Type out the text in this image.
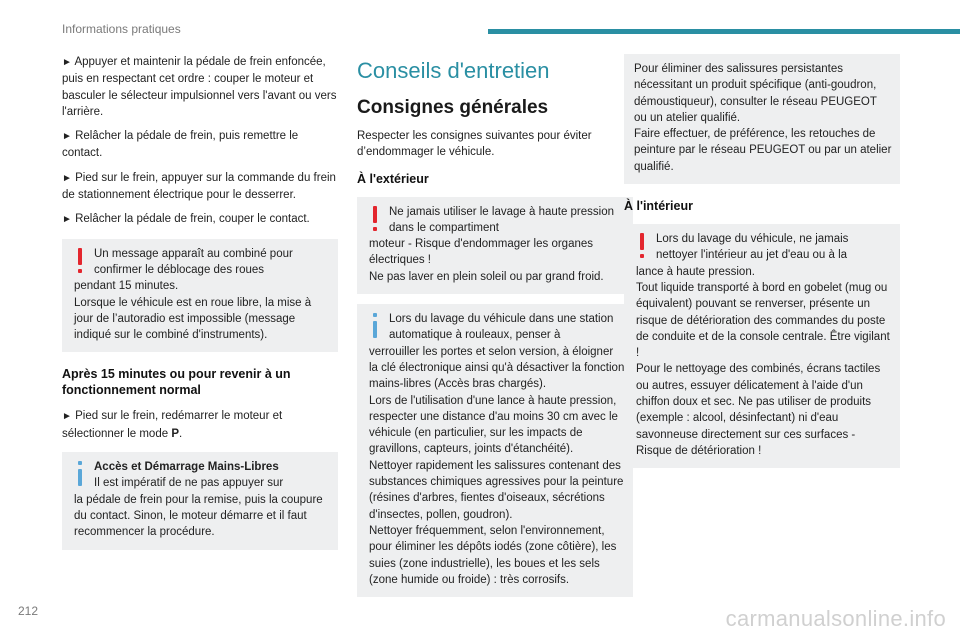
Informations pratiques

► Appuyer et maintenir la pédale de frein enfoncée, puis en respectant cet ordre : couper le moteur et basculer le sélecteur impulsionnel vers l'avant ou vers l'arrière.

► Relâcher la pédale de frein, puis remettre le contact.

► Pied sur le frein, appuyer sur la commande du frein de stationnement électrique pour le desserrer.

► Relâcher la pédale de frein, couper le contact.

Un message apparaît au combiné pour confirmer le déblocage des roues

pendant 15 minutes.
Lorsque le véhicule est en roue libre, la mise à jour de l’autoradio est impossible (message indiqué sur le combiné d'instruments).

Après 15 minutes ou pour revenir à un fonctionnement normal

► Pied sur le frein, redémarrer le moteur et sélectionner le mode P.

Accès et Démarrage Mains-Libres

Il est impératif de ne pas appuyer sur

la pédale de frein pour la remise, puis la coupure du contact. Sinon, le moteur démarre et il faut recommencer la procédure.

Conseils d'entretien
Consignes générales

Respecter les consignes suivantes pour éviter d’endommager le véhicule.

À l'extérieur

Ne jamais utiliser le lavage à haute pression dans le compartiment

moteur - Risque d'endommager les organes électriques !
Ne pas laver en plein soleil ou par grand froid.

Lors du lavage du véhicule dans une station automatique à rouleaux, penser à

verrouiller les portes et selon version, à éloigner la clé électronique ainsi qu'à désactiver la fonction mains-libres (Accès bras chargés).
Lors de l'utilisation d'une lance à haute pression, respecter une distance d'au moins 30 cm avec le véhicule (en particulier, sur les impacts de gravillons, capteurs, joints d'étanchéité).
Nettoyer rapidement les salissures contenant des substances chimiques agressives pour la peinture (résines d'arbres, fientes d'oiseaux, sécrétions d'insectes, pollen, goudron).
Nettoyer fréquemment, selon l'environnement, pour éliminer les dépôts iodés (zone côtière), les suies (zone industrielle), les boues et les sels (zone humide ou froide) : très corrosifs.

Pour éliminer des salissures persistantes nécessitant un produit spécifique (anti-goudron, démoustiqueur), consulter le réseau PEUGEOT ou un atelier qualifié.
Faire effectuer, de préférence, les retouches de peinture par le réseau PEUGEOT ou par un atelier qualifié.

À l'intérieur

Lors du lavage du véhicule, ne jamais nettoyer l'intérieur au jet d'eau ou à la

lance à haute pression.
Tout liquide transporté à bord en gobelet (mug ou équivalent) pouvant se renverser, présente un risque de détérioration des commandes du poste de conduite et de la console centrale. Être vigilant !
Pour le nettoyage des combinés, écrans tactiles ou autres, essuyer délicatement à l'aide d'un chiffon doux et sec. Ne pas utiliser de produits (exemple : alcool, désinfectant) ni d'eau savonneuse directement sur ces surfaces - Risque de détérioration !

212	carmanualsonline.info
